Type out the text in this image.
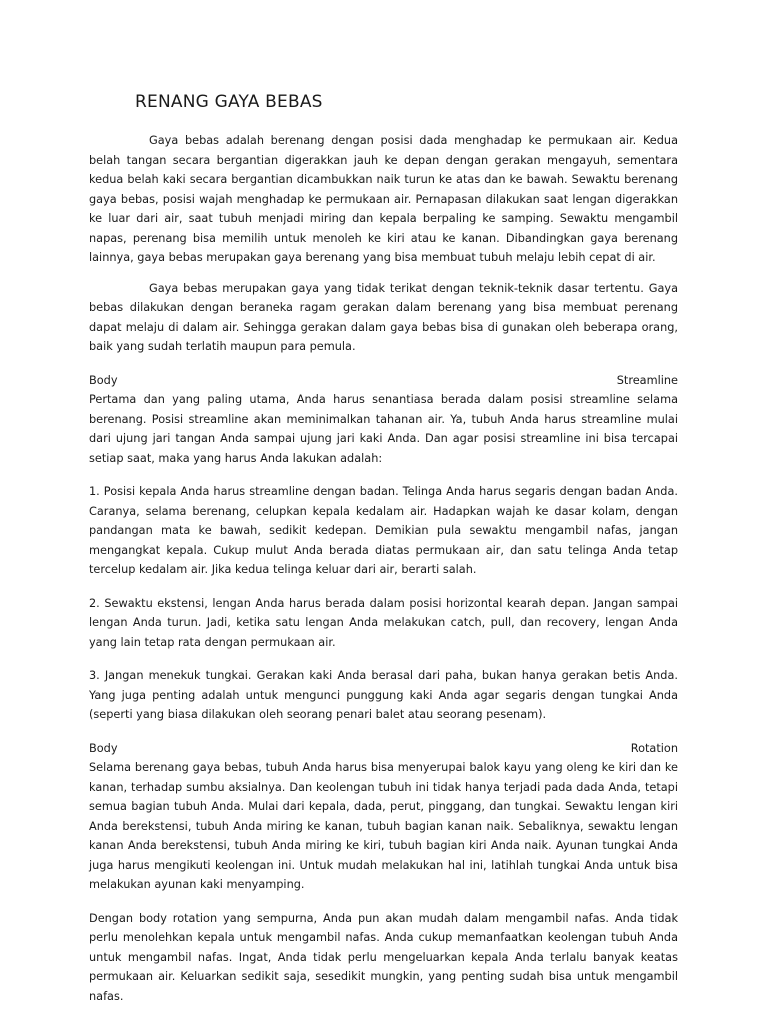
RENANG GAYA BEBAS

Gaya bebas adalah berenang dengan posisi dada menghadap ke permukaan air. Kedua belah tangan secara bergantian digerakkan jauh ke depan dengan gerakan mengayuh, sementara kedua belah kaki secara bergantian dicambukkan naik turun ke atas dan ke bawah. Sewaktu berenang gaya bebas, posisi wajah menghadap ke permukaan air. Pernapasan dilakukan saat lengan digerakkan ke luar dari air, saat tubuh menjadi miring dan kepala berpaling ke samping. Sewaktu mengambil napas, perenang bisa memilih untuk menoleh ke kiri atau ke kanan. Dibandingkan gaya berenang lainnya, gaya bebas merupakan gaya berenang yang bisa membuat tubuh melaju lebih cepat di air.

Gaya bebas merupakan gaya yang tidak terikat dengan teknik-teknik dasar tertentu. Gaya bebas dilakukan dengan beraneka ragam gerakan dalam berenang yang bisa membuat perenang dapat melaju di dalam air. Sehingga gerakan dalam gaya bebas bisa di gunakan oleh beberapa orang, baik yang sudah terlatih maupun para pemula.

Body	Streamline

Pertama dan yang paling utama, Anda harus senantiasa berada dalam posisi streamline selama berenang. Posisi streamline akan meminimalkan tahanan air. Ya, tubuh Anda harus streamline mulai dari ujung jari tangan Anda sampai ujung jari kaki Anda. Dan agar posisi streamline ini bisa tercapai setiap saat, maka yang harus Anda lakukan adalah:

1. Posisi kepala Anda harus streamline dengan badan. Telinga Anda harus segaris dengan badan Anda. Caranya, selama berenang, celupkan kepala kedalam air. Hadapkan wajah ke dasar kolam, dengan pandangan mata ke bawah, sedikit kedepan. Demikian pula sewaktu mengambil nafas, jangan mengangkat kepala. Cukup mulut Anda berada diatas permukaan air, dan satu telinga Anda tetap tercelup kedalam air. Jika kedua telinga keluar dari air, berarti salah.

2. Sewaktu ekstensi, lengan Anda harus berada dalam posisi horizontal kearah depan. Jangan sampai lengan Anda turun. Jadi, ketika satu lengan Anda melakukan catch, pull, dan recovery, lengan Anda yang lain tetap rata dengan permukaan air.

3. Jangan menekuk tungkai. Gerakan kaki Anda berasal dari paha, bukan hanya gerakan betis Anda. Yang juga penting adalah untuk mengunci punggung kaki Anda agar segaris dengan tungkai Anda (seperti yang biasa dilakukan oleh seorang penari balet atau seorang pesenam).

Body	Rotation

Selama berenang gaya bebas, tubuh Anda harus bisa menyerupai balok kayu yang oleng ke kiri dan ke kanan, terhadap sumbu aksialnya. Dan keolengan tubuh ini tidak hanya terjadi pada dada Anda, tetapi semua bagian tubuh Anda. Mulai dari kepala, dada, perut, pinggang, dan tungkai. Sewaktu lengan kiri Anda berekstensi, tubuh Anda miring ke kanan, tubuh bagian kanan naik. Sebaliknya, sewaktu lengan kanan Anda berekstensi, tubuh Anda miring ke kiri, tubuh bagian kiri Anda naik. Ayunan tungkai Anda juga harus mengikuti keolengan ini. Untuk mudah melakukan hal ini, latihlah tungkai Anda untuk bisa melakukan ayunan kaki menyamping.

Dengan body rotation yang sempurna, Anda pun akan mudah dalam mengambil nafas. Anda tidak perlu menolehkan kepala untuk mengambil nafas. Anda cukup memanfaatkan keolengan tubuh Anda untuk mengambil nafas. Ingat, Anda tidak perlu mengeluarkan kepala Anda terlalu banyak keatas permukaan air. Keluarkan sedikit saja, sesedikit mungkin, yang penting sudah bisa untuk mengambil nafas.
